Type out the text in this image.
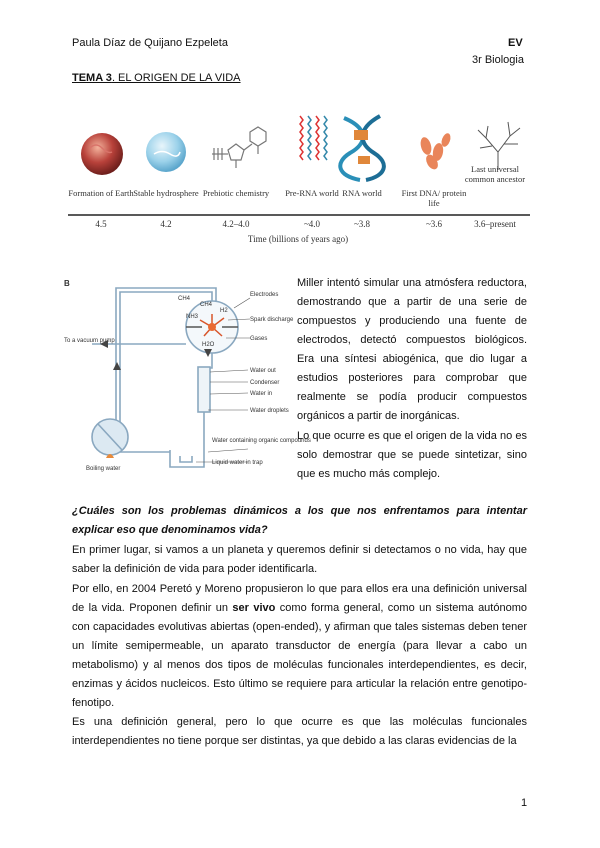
Paula Díaz de Quijano Ezpeleta	EV
3r Biologia
TEMA 3. EL ORIGEN DE LA VIDA
Formation of Earth Stable hydrosphere Prebiotic chemistry	Pre-RNA world RNA world	First DNA/ protein life
Last universal common ancestor
4.5	4.2	4.2–4.0	~4.0	~3.8	~3.6	3.6–present
Time (billions of years ago)
B
CH4
NH3
H2
H2O
CH4
Electrodes
Spark discharge
Gases
To a vacuum pump
Water out
Condenser
Water in
Water droplets
Water containing organic compounds
Liquid water in trap
Boiling water
Miller intentó simular una atmósfera reductora, demostrando que a partir de una serie de compuestos y produciendo una fuente de electrodos, detectó compuestos biológicos. Era una síntesi abiogénica, que dio lugar a estudios posteriores para comprobar que realmente se podía producir compuestos orgánicos a partir de inorgánicas.
Lo que ocurre es que el origen de la vida no es solo demostrar que se puede sintetizar, sino que es mucho más complejo.
¿Cuáles son los problemas dinámicos a los que nos enfrentamos para intentar explicar eso que denominamos vida?
En primer lugar, si vamos a un planeta y queremos definir si detectamos o no vida, hay que saber la definición de vida para poder identificarla.
Por ello, en 2004 Peretó y Moreno propusieron lo que para ellos era una definición universal de la vida. Proponen definir un ser vivo como forma general, como un sistema autónomo con capacidades evolutivas abiertas (open-ended), y afirman que tales sistemas deben tener un límite semipermeable, un aparato transductor de energía (para llevar a cabo un metabolismo) y al menos dos tipos de moléculas funcionales interdependientes, es decir, enzimas y ácidos nucleicos. Esto último se requiere para articular la relación entre genotipo-fenotipo.
Es una definición general, pero lo que ocurre es que las moléculas funcionales interdependientes no tiene porque ser distintas, ya que debido a las claras evidencias de la
1
